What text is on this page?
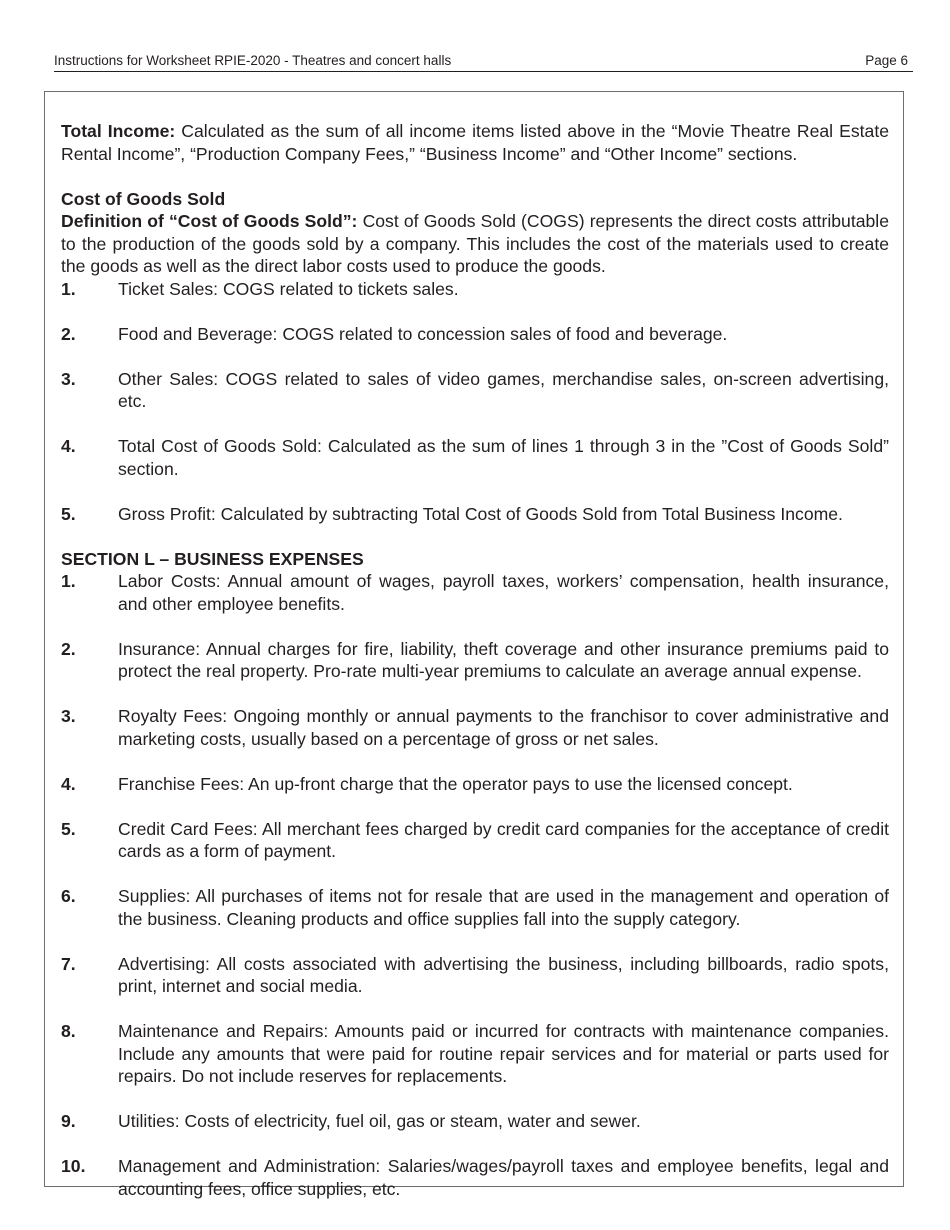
Instructions for Worksheet RPIE-2020 - Theatres and concert halls	Page 6

Total Income: Calculated as the sum of all income items listed above in the “Movie Theatre Real Estate Rental Income”, “Production Company Fees,” “Business Income” and “Other Income” sections.

Cost of Goods Sold

Definition of “Cost of Goods Sold”: Cost of Goods Sold (COGS) represents the direct costs attributable to the production of the goods sold by a company. This includes the cost of the materials used to create the goods as well as the direct labor costs used to produce the goods.

1.	Ticket Sales: COGS related to tickets sales.
2.	Food and Beverage: COGS related to concession sales of food and beverage.
3.	Other Sales: COGS related to sales of video games, merchandise sales, on-screen advertising, etc.
4.	Total Cost of Goods Sold: Calculated as the sum of lines 1 through 3 in the ”Cost of Goods Sold” section.
5.	Gross Profit: Calculated by subtracting Total Cost of Goods Sold from Total Business Income.

SECTION L – BUSINESS EXPENSES

1.	Labor Costs: Annual amount of wages, payroll taxes, workers’ compensation, health insurance, and other employee benefits.
2.	Insurance: Annual charges for fire, liability, theft coverage and other insurance premiums paid to protect the real property. Pro-rate multi-year premiums to calculate an average annual expense.
3.	Royalty Fees: Ongoing monthly or annual payments to the franchisor to cover administrative and marketing costs, usually based on a percentage of gross or net sales.
4.	Franchise Fees: An up-front charge that the operator pays to use the licensed concept.
5.	Credit Card Fees: All merchant fees charged by credit card companies for the acceptance of credit cards as a form of payment.
6.	Supplies: All purchases of items not for resale that are used in the management and operation of the business. Cleaning products and office supplies fall into the supply category.
7.	Advertising: All costs associated with advertising the business, including billboards, radio spots, print, internet and social media.
8.	Maintenance and Repairs: Amounts paid or incurred for contracts with maintenance companies. Include any amounts that were paid for routine repair services and for material or parts used for repairs. Do not include reserves for replacements.
9.	Utilities: Costs of electricity, fuel oil, gas or steam, water and sewer.
10.	Management and Administration: Salaries/wages/payroll taxes and employee benefits, legal and accounting fees, office supplies, etc.
